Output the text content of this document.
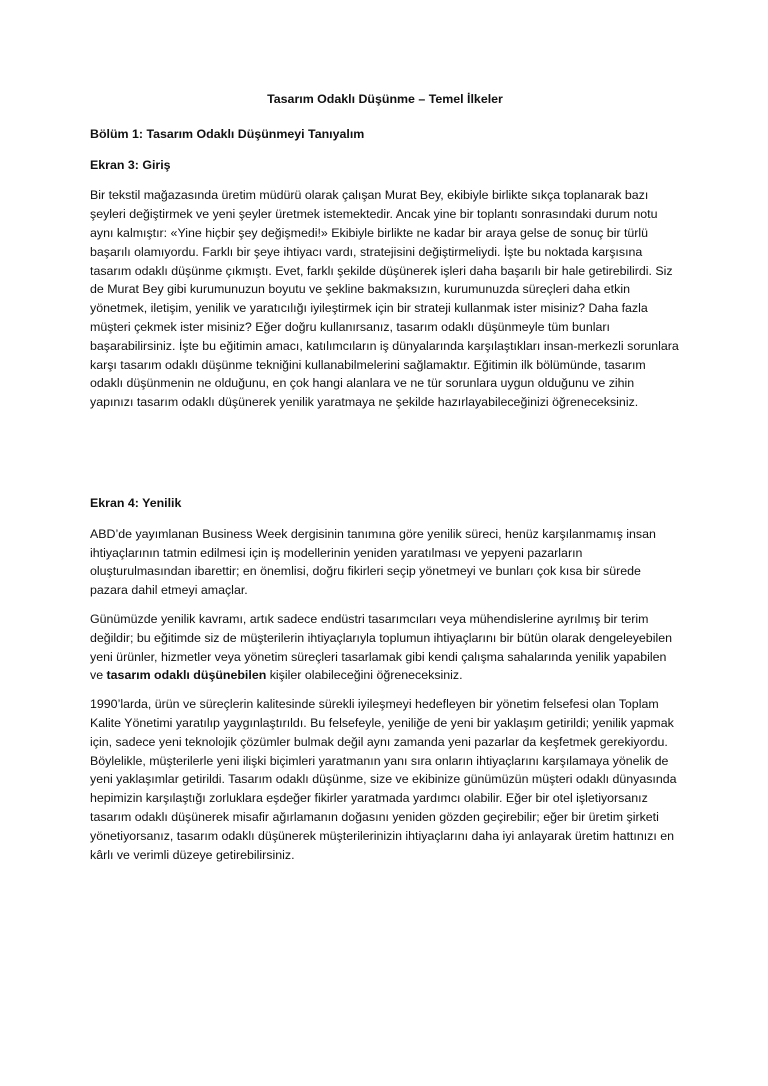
Tasarım Odaklı Düşünme – Temel İlkeler
Bölüm 1: Tasarım Odaklı Düşünmeyi Tanıyalım
Ekran 3: Giriş

Bir tekstil mağazasında üretim müdürü olarak çalışan Murat Bey, ekibiyle birlikte sıkça toplanarak bazı şeyleri değiştirmek ve yeni şeyler üretmek istemektedir. Ancak yine bir toplantı sonrasındaki durum notu aynı kalmıştır: «Yine hiçbir şey değişmedi!» Ekibiyle birlikte ne kadar bir araya gelse de sonuç bir türlü başarılı olamıyordu. Farklı bir şeye ihtiyacı vardı, stratejisini değiştirmeliydi. İşte bu noktada karşısına tasarım odaklı düşünme çıkmıştı. Evet, farklı şekilde düşünerek işleri daha başarılı bir hale getirebilirdi. Siz de Murat Bey gibi kurumunuzun boyutu ve şekline bakmaksızın, kurumunuzda süreçleri daha etkin yönetmek, iletişim, yenilik ve yaratıcılığı iyileştirmek için bir strateji kullanmak ister misiniz? Daha fazla müşteri çekmek ister misiniz? Eğer doğru kullanırsanız, tasarım odaklı düşünmeyle tüm bunları başarabilirsiniz. İşte bu eğitimin amacı, katılımcıların iş dünyalarında karşılaştıkları insan-merkezli sorunlara karşı tasarım odaklı düşünme tekniğini kullanabilmelerini sağlamaktır. Eğitimin ilk bölümünde, tasarım odaklı düşünmenin ne olduğunu, en çok hangi alanlara ve ne tür sorunlara uygun olduğunu ve zihin yapınızı tasarım odaklı düşünerek yenilik yaratmaya ne şekilde hazırlayabileceğinizi öğreneceksiniz.

Ekran 4: Yenilik

ABD’de yayımlanan Business Week dergisinin tanımına göre yenilik süreci, henüz karşılanmamış insan ihtiyaçlarının tatmin edilmesi için iş modellerinin yeniden yaratılması ve yepyeni pazarların oluşturulmasından ibarettir; en önemlisi, doğru fikirleri seçip yönetmeyi ve bunları çok kısa bir sürede pazara dahil etmeyi amaçlar.

Günümüzde yenilik kavramı, artık sadece endüstri tasarımcıları veya mühendislerine ayrılmış bir terim değildir; bu eğitimde siz de müşterilerin ihtiyaçlarıyla toplumun ihtiyaçlarını bir bütün olarak dengeleyebilen yeni ürünler, hizmetler veya yönetim süreçleri tasarlamak gibi kendi çalışma sahalarında yenilik yapabilen ve tasarım odaklı düşünebilen kişiler olabileceğini öğreneceksiniz.

1990’larda, ürün ve süreçlerin kalitesinde sürekli iyileşmeyi hedefleyen bir yönetim felsefesi olan Toplam Kalite Yönetimi yaratılıp yaygınlaştırıldı. Bu felsefeyle, yeniliğe de yeni bir yaklaşım getirildi; yenilik yapmak için, sadece yeni teknolojik çözümler bulmak değil aynı zamanda yeni pazarlar da keşfetmek gerekiyordu. Böylelikle, müşterilerle yeni ilişki biçimleri yaratmanın yanı sıra onların ihtiyaçlarını karşılamaya yönelik de yeni yaklaşımlar getirildi. Tasarım odaklı düşünme, size ve ekibinize günümüzün müşteri odaklı dünyasında hepimizin karşılaştığı zorluklara eşdeğer fikirler yaratmada yardımcı olabilir. Eğer bir otel işletiyorsanız tasarım odaklı düşünerek misafir ağırlamanın doğasını yeniden gözden geçirebilir; eğer bir üretim şirketi yönetiyorsanız, tasarım odaklı düşünerek müşterilerinizin ihtiyaçlarını daha iyi anlayarak üretim hattınızı en kârlı ve verimli düzeye getirebilirsiniz.
